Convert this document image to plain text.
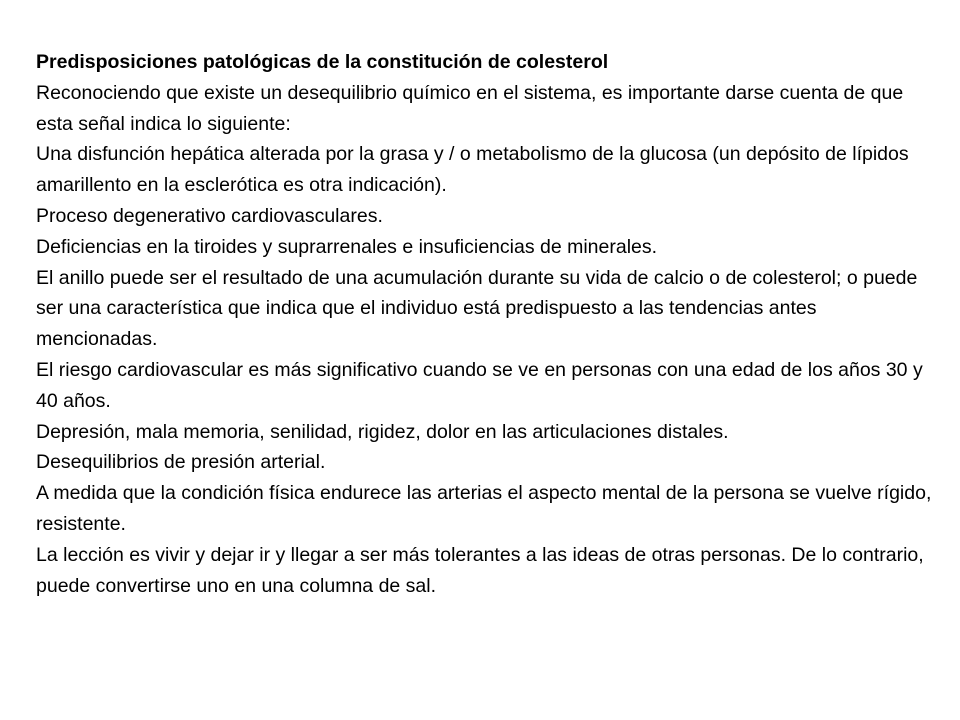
Predisposiciones patológicas de la constitución de colesterol

Reconociendo que existe un desequilibrio químico en el sistema, es importante darse cuenta de que esta señal indica lo siguiente:

Una disfunción hepática alterada por la grasa y / o metabolismo de la glucosa (un depósito de lípidos amarillento en la esclerótica es otra indicación).

Proceso degenerativo cardiovasculares.

Deficiencias en la tiroides y suprarrenales e insuficiencias de minerales.

El anillo puede ser el resultado de una acumulación durante su vida de calcio o de colesterol; o puede ser una característica que indica que el individuo está predispuesto a las tendencias antes mencionadas.

El riesgo cardiovascular es más significativo cuando se ve en personas con una edad de los años 30 y 40 años.

Depresión, mala memoria, senilidad, rigidez, dolor en las articulaciones distales.

Desequilibrios de presión arterial.

A medida que la condición física endurece las arterias el aspecto mental de la persona se vuelve rígido, resistente.

La lección es vivir y dejar ir y llegar a ser más tolerantes a las ideas de otras personas. De lo contrario, puede convertirse uno en una columna de sal.
